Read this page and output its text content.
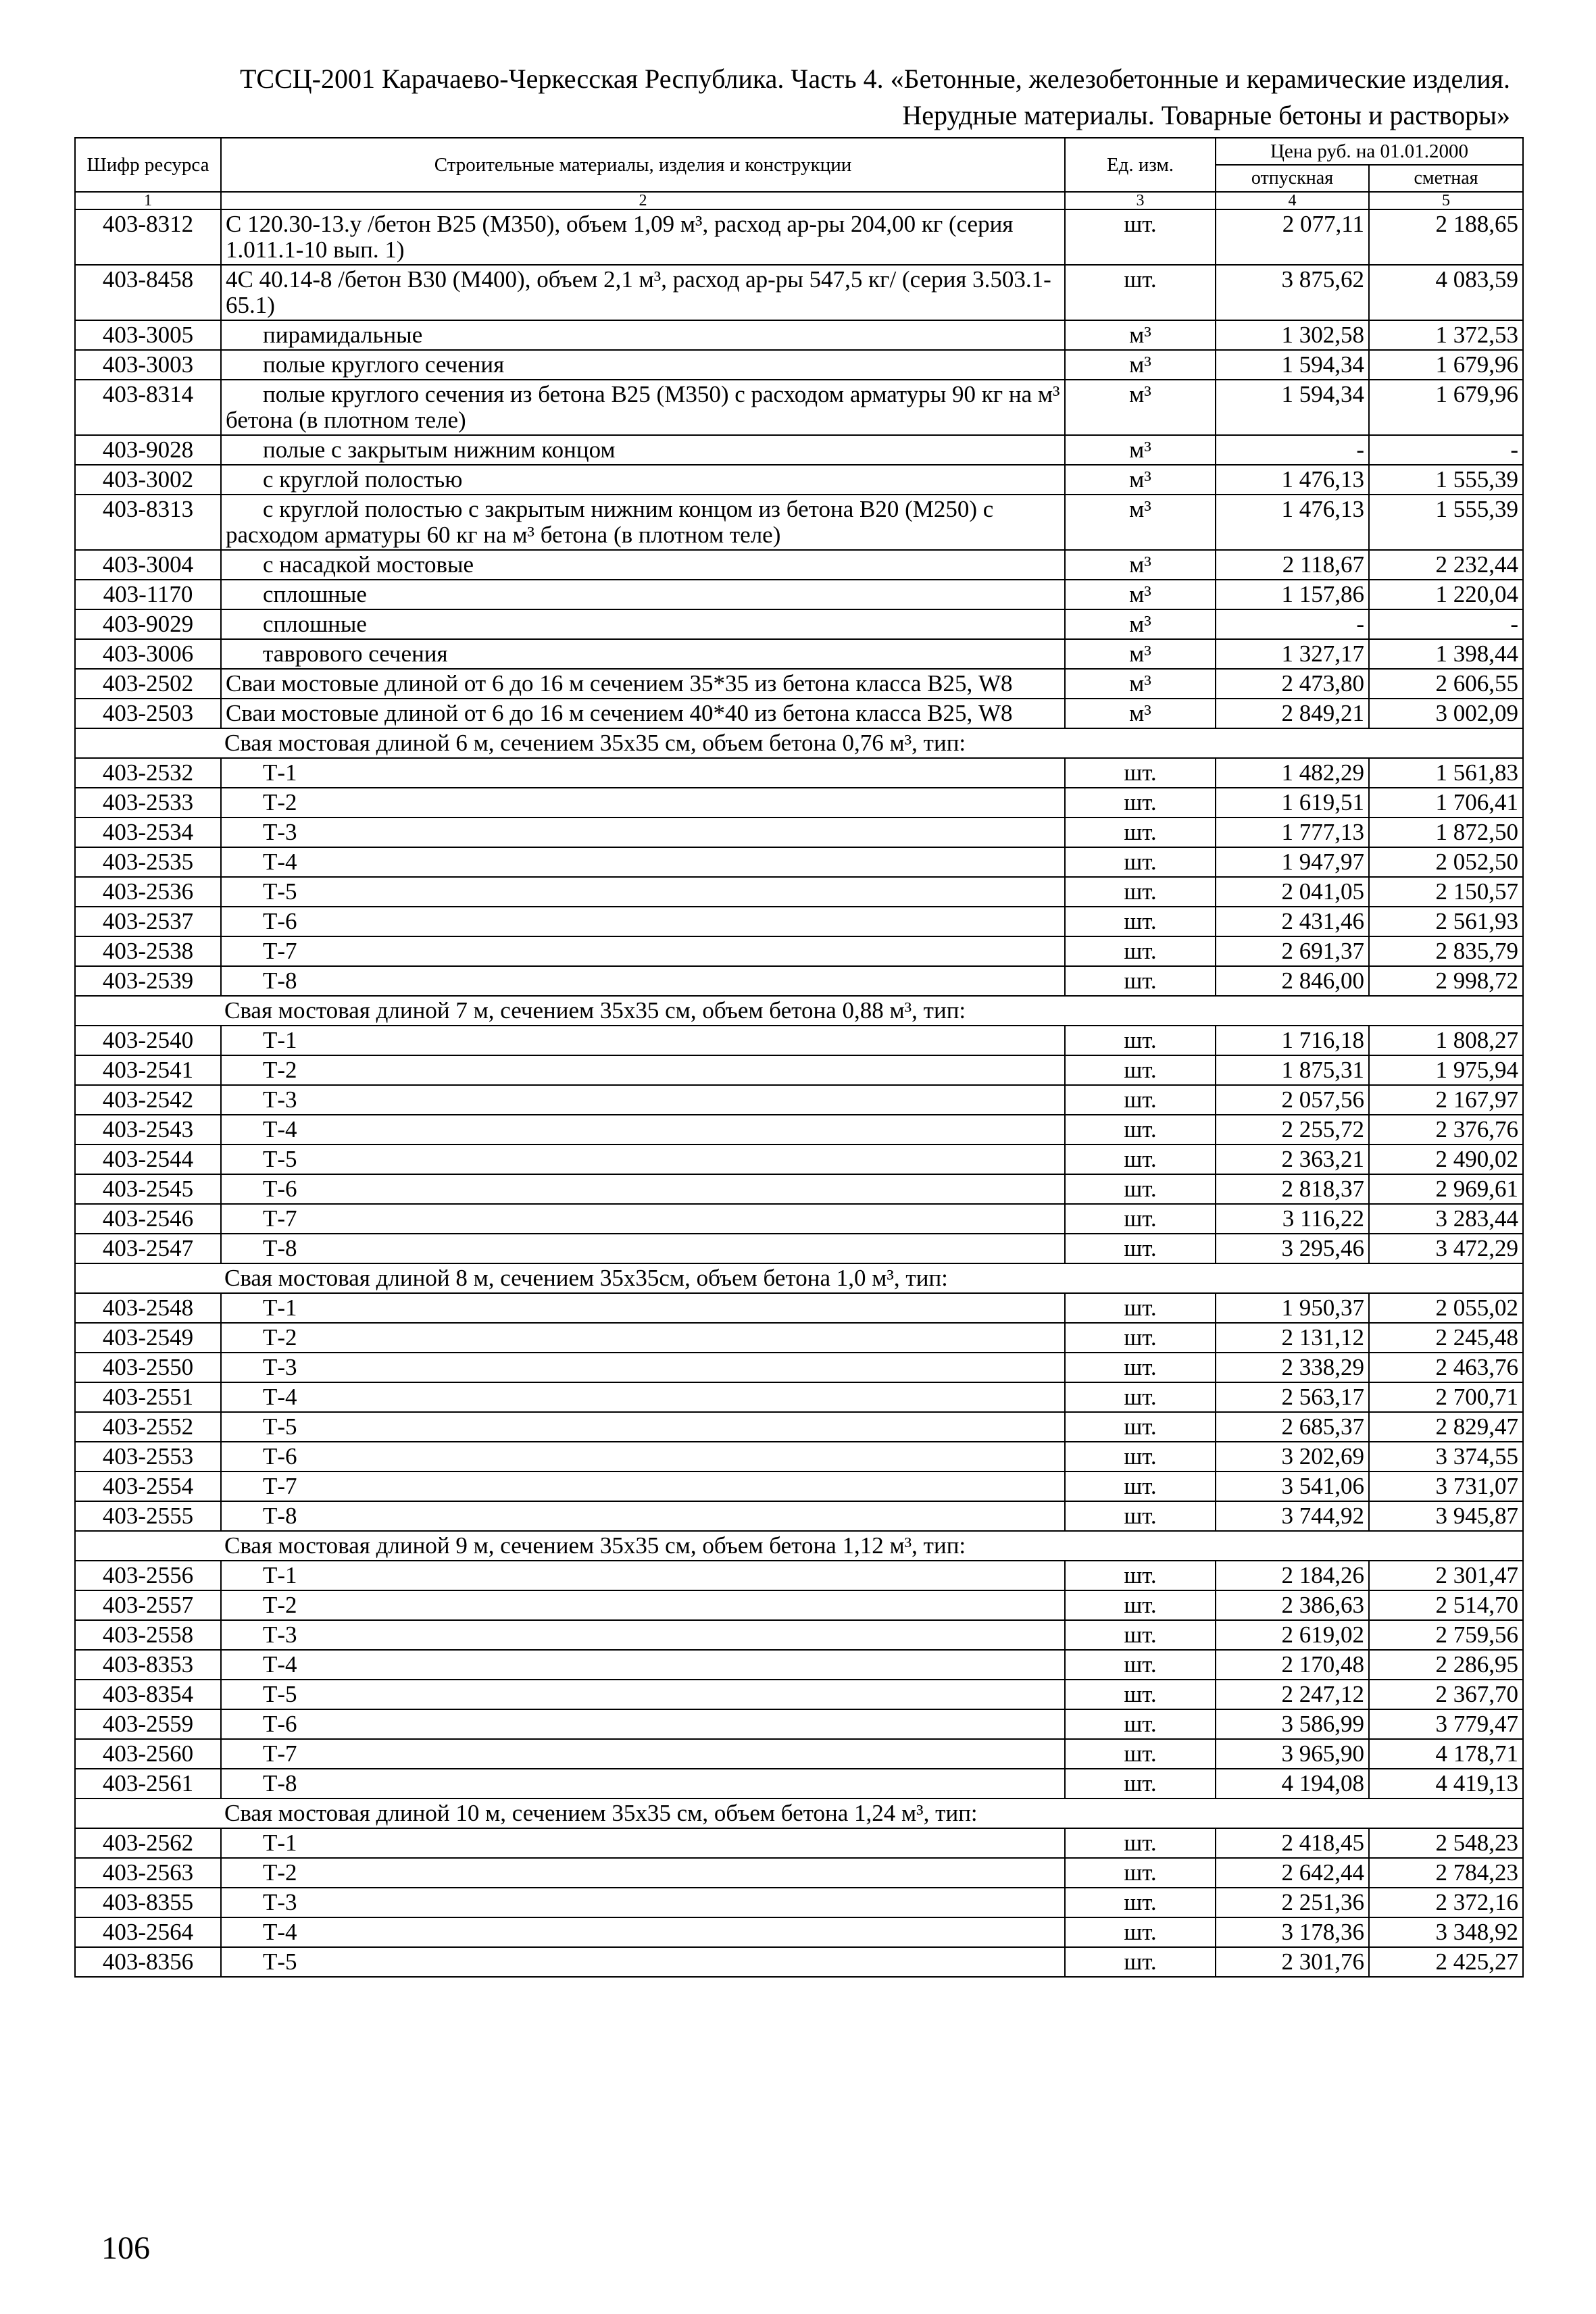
ТССЦ-2001 Карачаево-Черкесская Республика. Часть 4. «Бетонные, железобетонные и керамические изделия.
Нерудные материалы. Товарные бетоны и растворы»
Шифр ресурса	Строительные материалы, изделия и конструкции	Ед. изм.	Цена руб. на 01.01.2000	
			отпускная	сметная
1	2	3	4	5
403-8312	С 120.30-13.у /бетон В25 (М350), объем 1,09 м³, расход ар-ры 204,00 кг (серия 1.011.1-10 вып. 1)	шт.	2 077,11	2 188,65
403-8458	4С 40.14-8 /бетон В30 (М400), объем 2,1 м³, расход ар-ры 547,5 кг/ (серия 3.503.1-65.1)	шт.	3 875,62	4 083,59
403-3005	пирамидальные	м³	1 302,58	1 372,53
403-3003	полые круглого сечения	м³	1 594,34	1 679,96
403-8314	полые круглого сечения из бетона В25 (М350) с расходом арматуры 90 кг на м³ бетона (в плотном теле)	м³	1 594,34	1 679,96
403-9028	полые с закрытым нижним концом	м³	-	-
403-3002	с круглой полостью	м³	1 476,13	1 555,39
403-8313	с круглой полостью с закрытым нижним концом из бетона В20 (М250) с расходом арматуры 60 кг на м³ бетона (в плотном теле)	м³	1 476,13	1 555,39
403-3004	с насадкой мостовые	м³	2 118,67	2 232,44
403-1170	сплошные	м³	1 157,86	1 220,04
403-9029	сплошные	м³	-	-
403-3006	таврового сечения	м³	1 327,17	1 398,44
403-2502	Сваи мостовые длиной от 6 до 16 м сечением 35*35 из бетона класса В25, W8	м³	2 473,80	2 606,55
403-2503	Сваи мостовые длиной от 6 до 16 м сечением 40*40 из бетона класса В25, W8	м³	2 849,21	3 002,09
Свая мостовая длиной 6 м, сечением 35х35 см, объем бетона 0,76 м³, тип:				
403-2532	Т-1	шт.	1 482,29	1 561,83
403-2533	Т-2	шт.	1 619,51	1 706,41
403-2534	Т-3	шт.	1 777,13	1 872,50
403-2535	Т-4	шт.	1 947,97	2 052,50
403-2536	Т-5	шт.	2 041,05	2 150,57
403-2537	Т-6	шт.	2 431,46	2 561,93
403-2538	Т-7	шт.	2 691,37	2 835,79
403-2539	Т-8	шт.	2 846,00	2 998,72
Свая мостовая длиной 7 м, сечением 35х35 см, объем бетона 0,88 м³, тип:				
403-2540	Т-1	шт.	1 716,18	1 808,27
403-2541	Т-2	шт.	1 875,31	1 975,94
403-2542	Т-3	шт.	2 057,56	2 167,97
403-2543	Т-4	шт.	2 255,72	2 376,76
403-2544	Т-5	шт.	2 363,21	2 490,02
403-2545	Т-6	шт.	2 818,37	2 969,61
403-2546	Т-7	шт.	3 116,22	3 283,44
403-2547	Т-8	шт.	3 295,46	3 472,29
Свая мостовая длиной 8 м, сечением 35х35см, объем бетона 1,0 м³, тип:				
403-2548	Т-1	шт.	1 950,37	2 055,02
403-2549	Т-2	шт.	2 131,12	2 245,48
403-2550	Т-3	шт.	2 338,29	2 463,76
403-2551	Т-4	шт.	2 563,17	2 700,71
403-2552	Т-5	шт.	2 685,37	2 829,47
403-2553	Т-6	шт.	3 202,69	3 374,55
403-2554	Т-7	шт.	3 541,06	3 731,07
403-2555	Т-8	шт.	3 744,92	3 945,87
Свая мостовая длиной 9 м, сечением 35х35 см, объем бетона 1,12 м³, тип:				
403-2556	Т-1	шт.	2 184,26	2 301,47
403-2557	Т-2	шт.	2 386,63	2 514,70
403-2558	Т-3	шт.	2 619,02	2 759,56
403-8353	Т-4	шт.	2 170,48	2 286,95
403-8354	Т-5	шт.	2 247,12	2 367,70
403-2559	Т-6	шт.	3 586,99	3 779,47
403-2560	Т-7	шт.	3 965,90	4 178,71
403-2561	Т-8	шт.	4 194,08	4 419,13
Свая мостовая длиной 10 м, сечением 35х35 см, объем бетона 1,24 м³, тип:				
403-2562	Т-1	шт.	2 418,45	2 548,23
403-2563	Т-2	шт.	2 642,44	2 784,23
403-8355	Т-3	шт.	2 251,36	2 372,16
403-2564	Т-4	шт.	3 178,36	3 348,92
403-8356	Т-5	шт.	2 301,76	2 425,27
106
